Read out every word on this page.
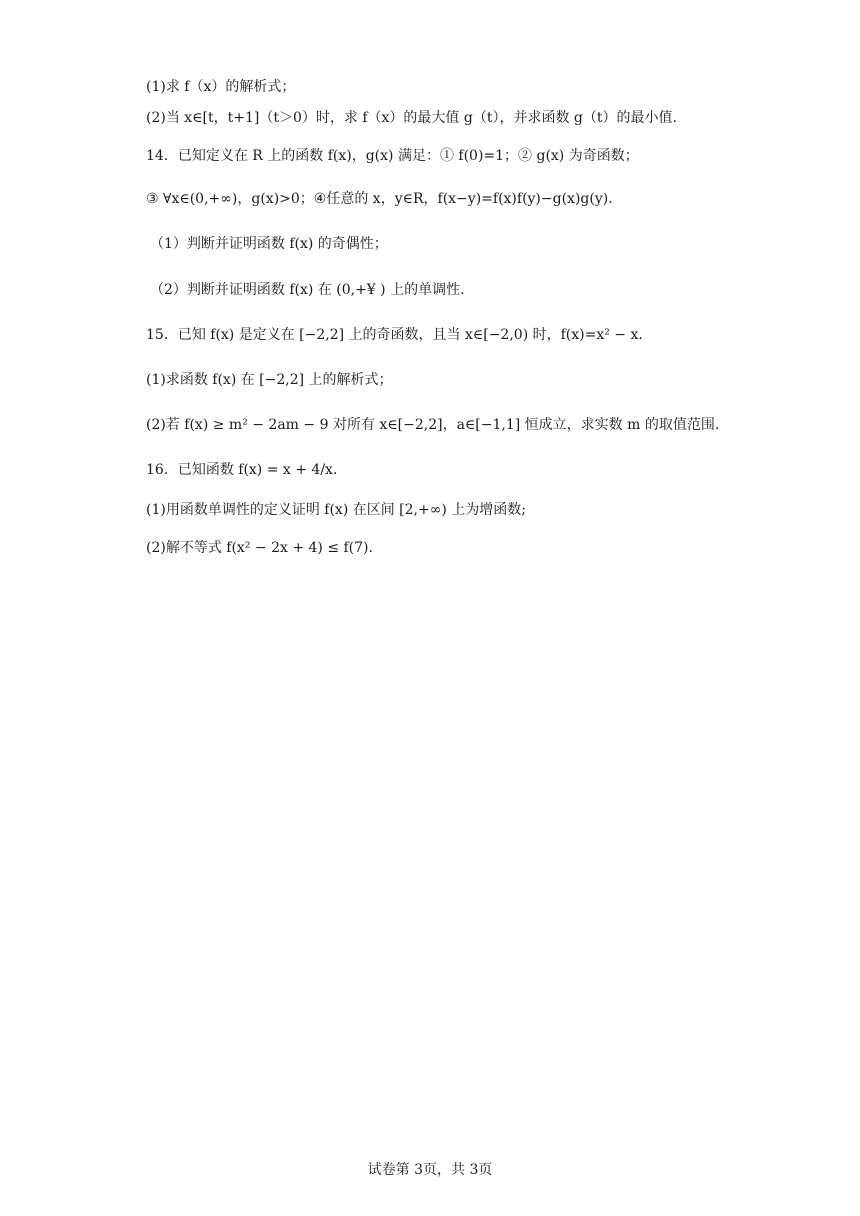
(1)求 f（x）的解析式；
(2)当 x∈[t，t+1]（t＞0）时，求 f（x）的最大值 g（t），并求函数 g（t）的最小值.
14．已知定义在 R 上的函数 f(x)，g(x) 满足：① f(0)=1；② g(x) 为奇函数；
③ ∀x∈(0,+∞)，g(x)>0；④任意的 x，y∈R，f(x−y)=f(x)f(y)−g(x)g(y).
（1）判断并证明函数 f(x) 的奇偶性；
（2）判断并证明函数 f(x) 在 (0,+¥ ) 上的单调性.
15．已知 f(x) 是定义在 [−2,2] 上的奇函数，且当 x∈[−2,0) 时，f(x)=x² − x.
(1)求函数 f(x) 在 [−2,2] 上的解析式；
(2)若 f(x) ≥ m² − 2am − 9 对所有 x∈[−2,2]，a∈[−1,1] 恒成立，求实数 m 的取值范围.
16．已知函数 f(x) = x + 4/x.
(1)用函数单调性的定义证明 f(x) 在区间 [2,+∞) 上为增函数;
(2)解不等式 f(x² − 2x + 4) ≤ f(7).
试卷第 3页，共 3页
